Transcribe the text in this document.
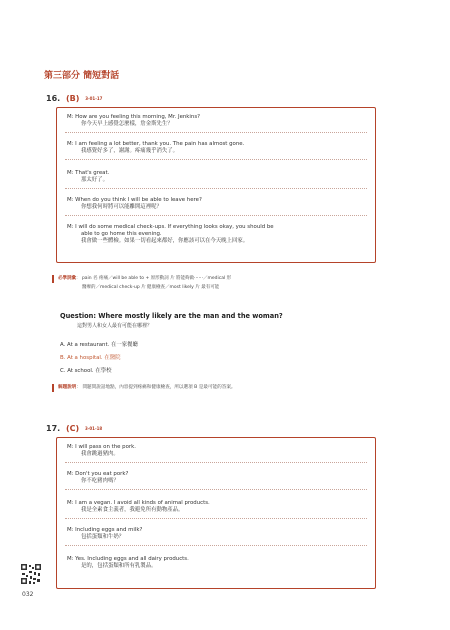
第三部分 簡短對話
16. (B) 3-01-17
M: How are you feeling this morning, Mr. Jenkins?
你今天早上感覺怎麼樣，詹金斯先生？
M: I am feeling a lot better, thank you. The pain has almost gone.
我感覺好多了，謝謝。疼痛幾乎消失了。
M: That's great.
那太好了。
M: When do you think I will be able to leave here?
你想我何時將可以能離開這裡呢？
M: I will do some medical check-ups. If everything looks okay, you should be
able to go home this evening.
我會做一些體檢。如果一切看起來都好，你應該可以在今天晚上回家。
必學詞彙： pain 名 疼痛／will be able to + 原形動詞 片 將能夠做⋯⋯／medical 形
醫療的／medical check-up 片 健康檢查／most likely 片 最有可能
Question: Where mostly likely are the man and the woman?
這對男人和女人最有可能在哪裡？
A. At a restaurant. 在一家餐廳
B. At a hospital. 在醫院
C. At school. 在學校
解題說明： 問題問說話地點，內容提到疼痛和健康檢查，所以選項 B 是最可能的答案。
17. (C) 3-01-18
M: I will pass on the pork.
我會跳過豬肉。
M: Don't you eat pork?
你不吃豬肉嗎？
M: I am a vegan. I avoid all kinds of animal products.
我是全素食主義者，我避免所有動物產品。
M: Including eggs and milk?
包括蛋類和牛奶？
M: Yes. Including eggs and all dairy products.
是的，包括蛋類和所有乳製品。
032
